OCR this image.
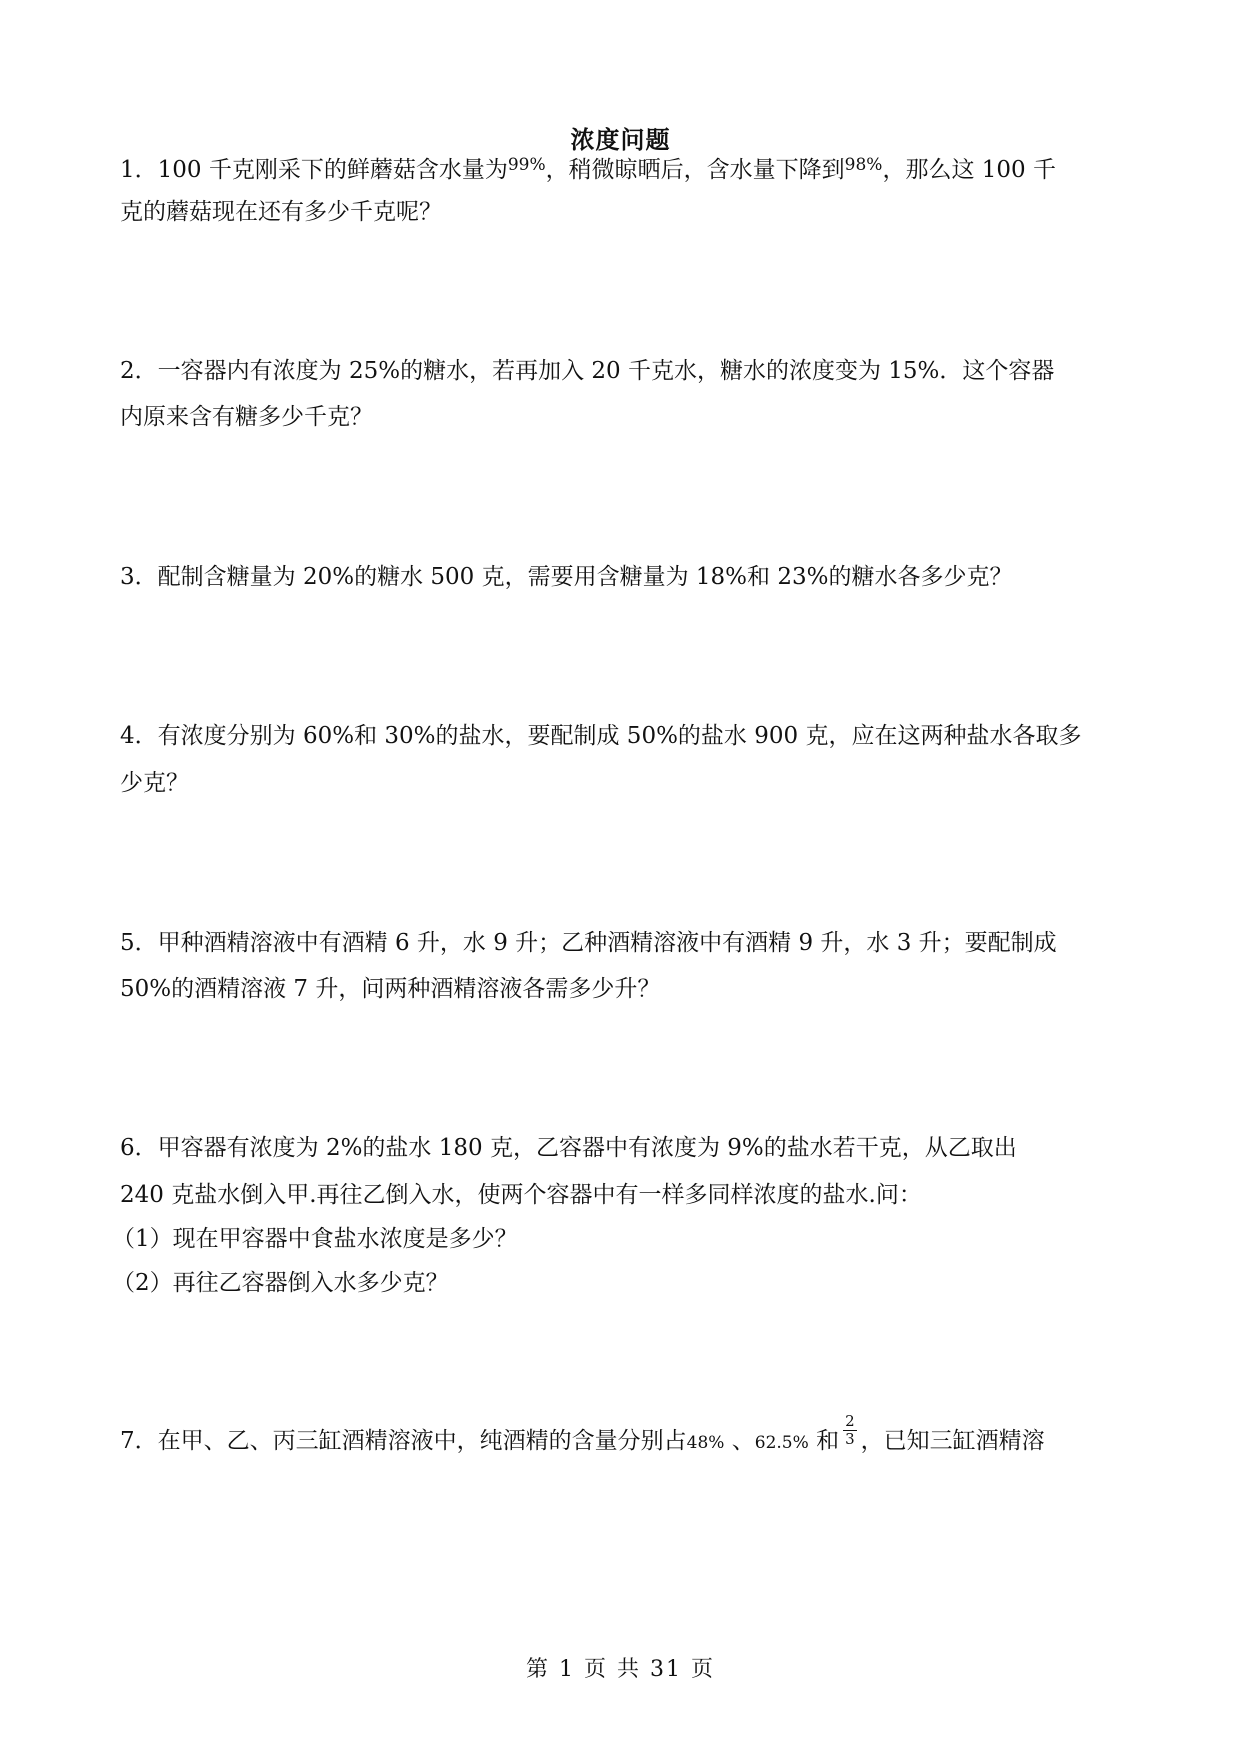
浓度问题
1．100 千克刚采下的鲜蘑菇含水量为$^{99\%}$，稍微晾晒后，含水量下降到$^{98\%}$，那么这 100 千
克的蘑菇现在还有多少千克呢？
2．一容器内有浓度为 25%的糖水，若再加入 20 千克水，糖水的浓度变为 15%．这个容器
内原来含有糖多少千克？
3．配制含糖量为 20%的糖水 500 克，需要用含糖量为 18%和 23%的糖水各多少克？
4．有浓度分别为 60%和 30%的盐水，要配制成 50%的盐水 900 克，应在这两种盐水各取多
少克？
5．甲种酒精溶液中有酒精 6 升，水 9 升；乙种酒精溶液中有酒精 9 升，水 3 升；要配制成
50%的酒精溶液 7 升，问两种酒精溶液各需多少升？
6．甲容器有浓度为 2%的盐水 180 克，乙容器中有浓度为 9%的盐水若干克，从乙取出
240 克盐水倒入甲.再往乙倒入水，使两个容器中有一样多同样浓度的盐水.问：
（1）现在甲容器中食盐水浓度是多少？
（2）再往乙容器倒入水多少克？
7．在甲、乙、丙三缸酒精溶液中，纯酒精的含量分别占48% 、62.5% 和 $\frac{2}{3}$ ，已知三缸酒精溶
第 1 页 共 31 页
